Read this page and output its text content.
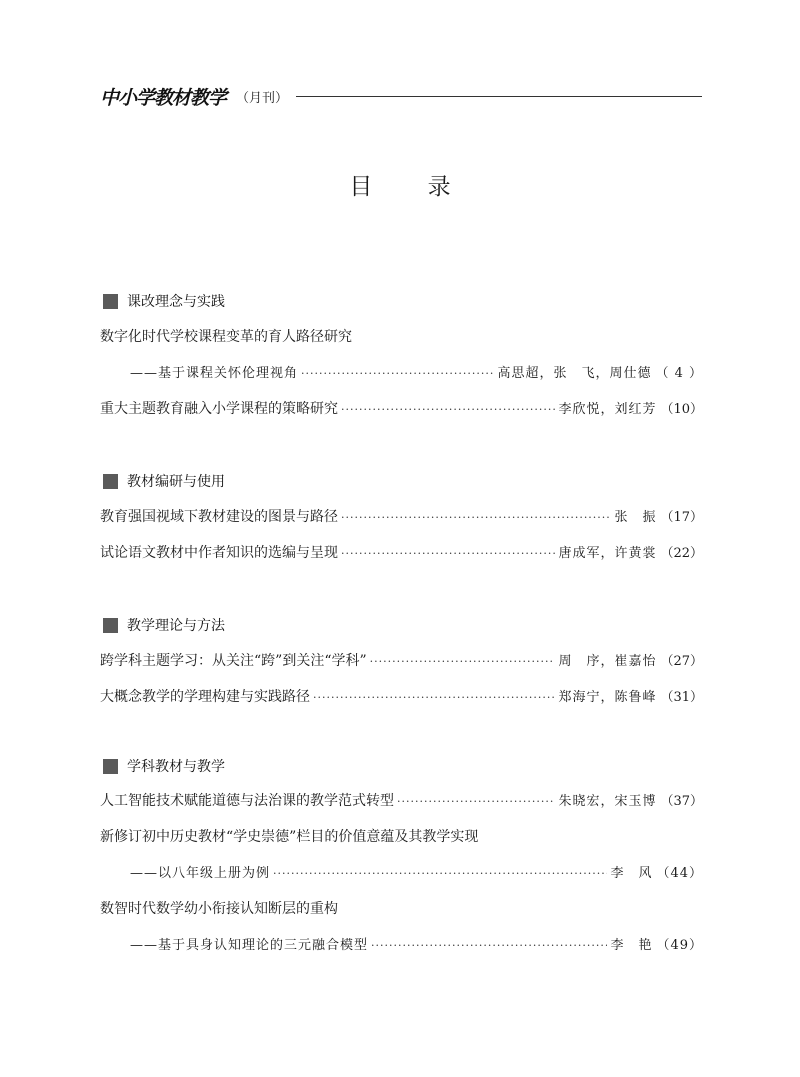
中小学教材教学 （月刊）
目 录
课改理念与实践
数字化时代学校课程变革的育人路径研究
——基于课程关怀伦理视角 ·····	高思超，张　飞，周仕德 （ 4 ）
重大主题教育融入小学课程的策略研究 ·····	李欣悦，刘红芳 （10）
教材编研与使用
教育强国视域下教材建设的图景与路径 ·····	张　振 （17）
试论语文教材中作者知识的选编与呈现 ·····	唐成军，许黄裳 （22）
教学理论与方法
跨学科主题学习：从关注“跨”到关注“学科” ·····	周　序，崔嘉怡 （27）
大概念教学的学理构建与实践路径 ·····	郑海宁，陈鲁峰 （31）
学科教材与教学
人工智能技术赋能道德与法治课的教学范式转型 ·····	朱晓宏，宋玉博 （37）
新修订初中历史教材“学史崇德”栏目的价值意蕴及其教学实现
——以八年级上册为例 ·····	李　风 （44）
数智时代数学幼小衔接认知断层的重构
——基于具身认知理论的三元融合模型 ·····	李　艳 （49）
